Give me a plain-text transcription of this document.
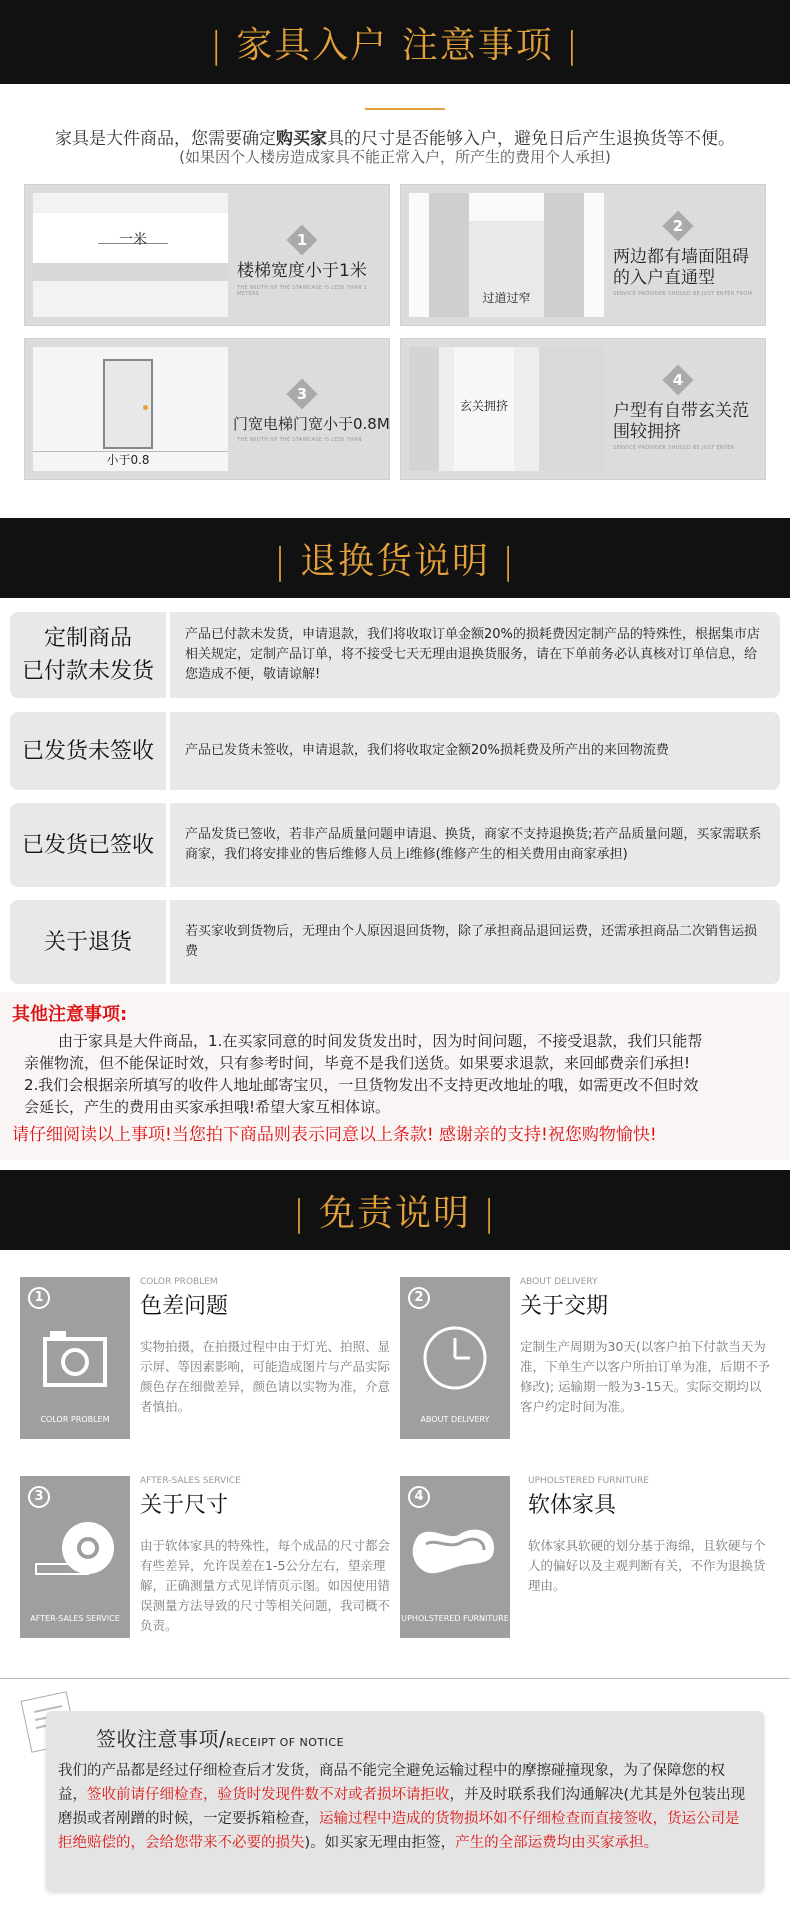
| 家具入户 注意事项 |
家具是大件商品，您需要确定购买家具的尺寸是否能够入户，避免日后产生退换货等不便。
(如果因个人楼房造成家具不能正常入户，所产生的费用个人承担)
一米	1
楼梯宽度小于1米
THE WIDTH OF THE STAIRCASE IS LESS THAN 1 METERS	过道过窄
2
两边都有墙面阻碍的入户直通型
SERVICE PROVIDER SHOULD BE JUST ENTER FROM
小于0.8
3
门宽电梯门宽小于0.8M
THE WIDTH OF THE STAIRCASE IS LESS THAN
玄关拥挤
4
户型有自带玄关范围较拥挤
SERVICE PROVIDER SHOULD BE JUST ENTER
| 退换货说明 |
定制商品
已付款未发货
产品已付款未发货，申请退款，我们将收取订单金额20%的损耗费因定制产品的特殊性，根据集市店相关规定，定制产品订单，将不接受七天无理由退换货服务，请在下单前务必认真核对订单信息，给您造成不便，敬请谅解!
已发货未签收	产品已发货未签收，申请退款，我们将收取定金额20%损耗费及所产出的来回物流费
已发货已签收	产品发货已签收，若非产品质量问题申请退、换货，商家不支持退换货;若产品质量问题，买家需联系商家，我们将安排业的售后维修人员上i维修(维修产生的相关费用由商家承担)
关于退货	若买家收到货物后，无理由个人原因退回货物，除了承担商品退回运费，还需承担商品二次销售运损费
其他注意事项:
由于家具是大件商品，1.在买家同意的时间发货发出时，因为时间问题，不接受退款，我们只能帮
亲催物流，但不能保证时效，只有参考时间，毕竟不是我们送货。如果要求退款，来回邮费亲们承担!
2.我们会根据亲所填写的收件人地址邮寄宝贝，一旦货物发出不支持更改地址的哦，如需更改不但时效
会延长，产生的费用由买家承担哦!希望大家互相体谅。
请仔细阅读以上事项!当您拍下商品则表示同意以上条款! 感谢亲的支持!祝您购物愉快!
| 免责说明 |
1
COLOR PROBLEM
COLOR PROBLEM
色差问题
实物拍摄，在拍摄过程中由于灯光、拍照、显示屏、等因素影响，可能造成图片与产品实际颜色存在细微差异，颜色请以实物为准，介意者慎拍。
2
ABOUT DELIVERY
ABOUT DELIVERY
关于交期
定制生产周期为30天(以客户拍下付款当天为准，下单生产以客户所拍订单为准，后期不予修改); 运输期一般为3-15天。实际交期均以客户约定时间为准。
3
AFTER-SALES SERVICE
AFTER-SALES SERVICE
关于尺寸
由于软体家具的特殊性，每个成品的尺寸都会有些差异，允许误差在1-5公分左右，望亲理解，正确测量方式见详情页示图。如因使用错误测量方法导致的尺寸等相关问题，我司概不负责。
4
UPHOLSTERED FURNITURE
UPHOLSTERED FURNITURE
软体家具
软体家具软硬的划分基于海绵，且软硬与个人的偏好以及主观判断有关，不作为退换货理由。
签收注意事项/RECEIPT OF NOTICE
我们的产品都是经过仔细检查后才发货，商品不能完全避免运输过程中的摩擦碰撞现象，为了保障您的权益，签收前请仔细检查，验货时发现件数不对或者损坏请拒收，并及时联系我们沟通解决(尤其是外包装出现磨损或者剐蹭的时候，一定要拆箱检查，运输过程中造成的货物损坏如不仔细检查而直接签收，货运公司是拒绝赔偿的，会给您带来不必要的损失)。如买家无理由拒签，产生的全部运费均由买家承担。
